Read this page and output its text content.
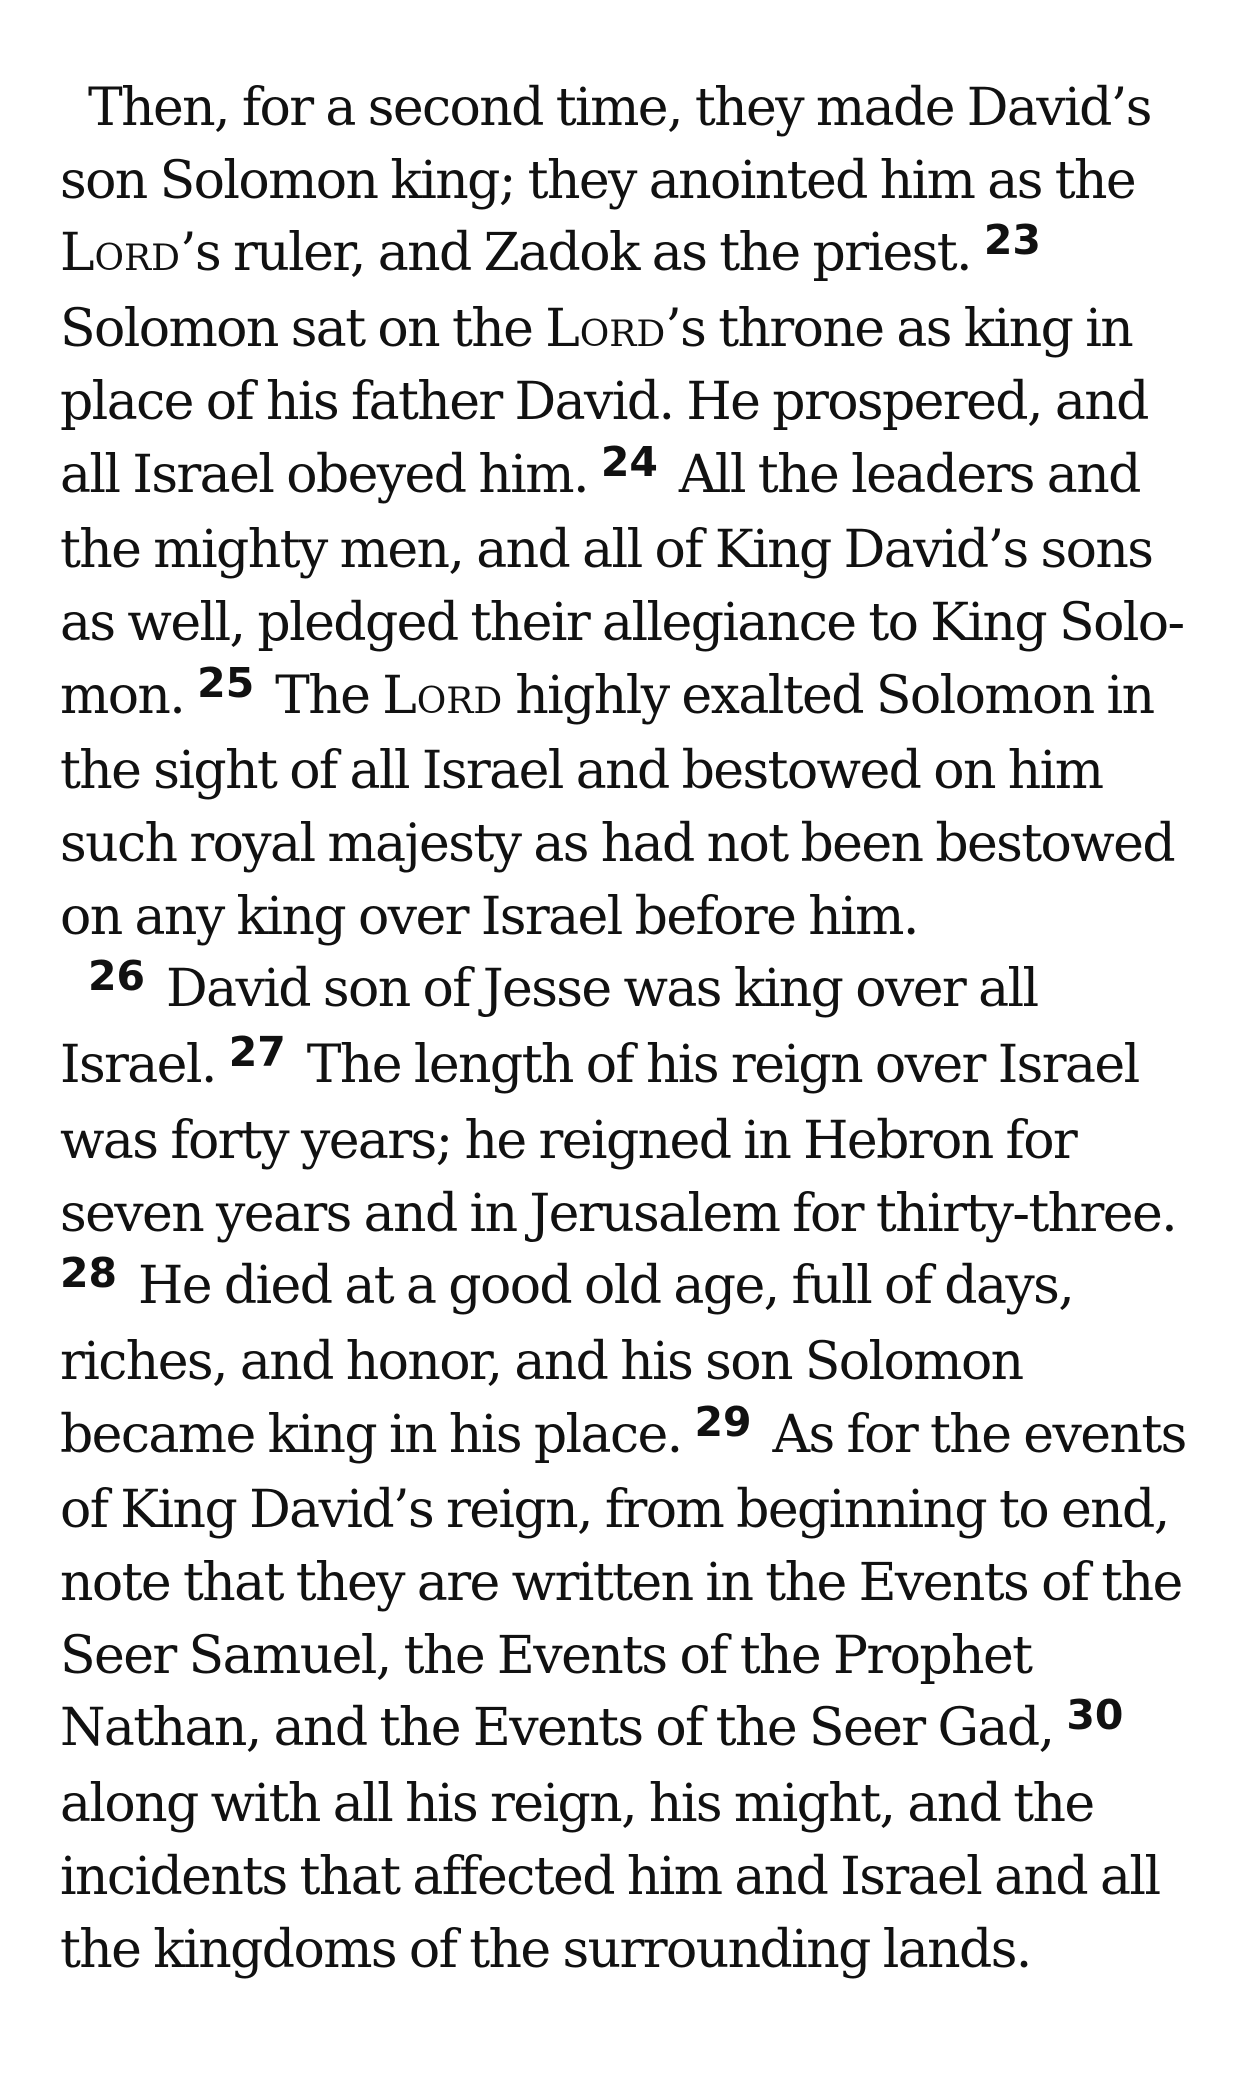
Then, for a second time, they made David’s son Solomon king; they anointed him as the Lord’s ruler, and Zadok as the priest. $^{23}$ Solomon sat on the Lord’s throne as king in place of his father David. He prospered, and all Israel obeyed him. $^{24}$ All the leaders and the mighty men, and all of King David’s sons as well, pledged their allegiance to King Solomon. $^{25}$ The Lord highly exalted Solomon in the sight of all Israel and bestowed on him such royal majesty as had not been bestowed on any king over Israel before him.

$^{26}$ David son of Jesse was king over all Israel. $^{27}$ The length of his reign over Israel was forty years; he reigned in Hebron for seven years and in Jerusalem for thirty-three. $^{28}$ He died at a good old age, full of days, riches, and honor, and his son Solomon became king in his place. $^{29}$ As for the events of King David’s reign, from beginning to end, note that they are written in the Events of the Seer Samuel, the Events of the Prophet Nathan, and the Events of the Seer Gad, $^{30}$ along with all his reign, his might, and the incidents that affected him and Israel and all the kingdoms of the surrounding lands.
